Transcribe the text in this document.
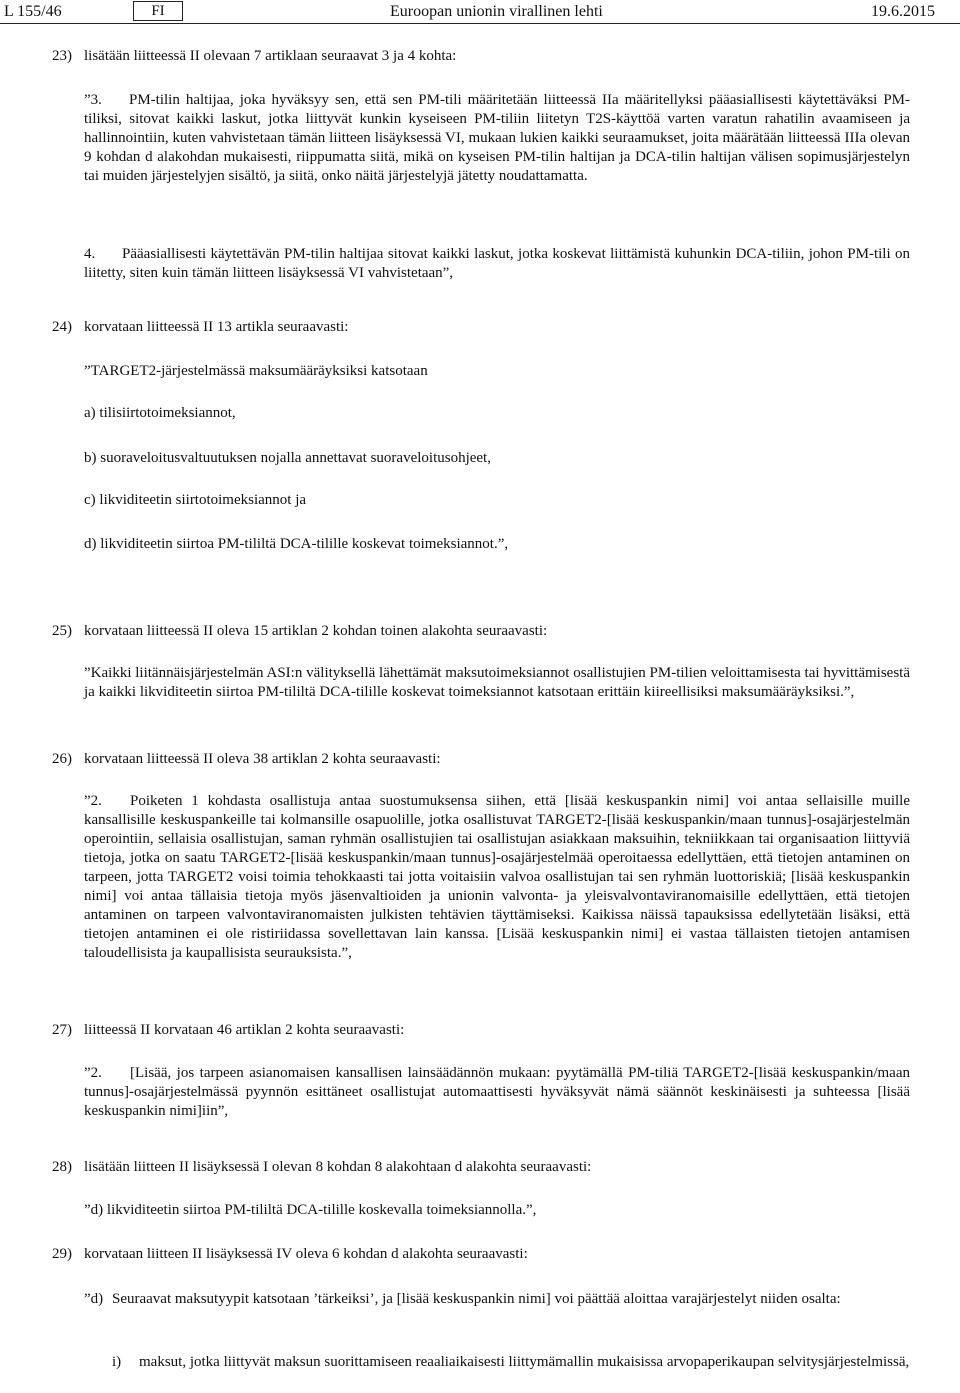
L 155/46	FI	Euroopan unionin virallinen lehti	19.6.2015
23) lisätään liitteessä II olevaan 7 artiklaan seuraavat 3 ja 4 kohta:

”3.	PM-tilin haltijaa, joka hyväksyy sen, että sen PM-tili määritetään liitteessä IIa määritellyksi pääasiallisesti käytettäväksi PM-tiliksi, sitovat kaikki laskut, jotka liittyvät kunkin kyseiseen PM-tiliin liitetyn T2S-käyttöä varten varatun rahatilin avaamiseen ja hallinnointiin, kuten vahvistetaan tämän liitteen lisäyksessä VI, mukaan lukien kaikki seuraamukset, joita määrätään liitteessä IIIa olevan 9 kohdan d alakohdan mukaisesti, riippumatta siitä, mikä on kyseisen PM-tilin haltijan ja DCA-tilin haltijan välisen sopimusjärjestelyn tai muiden järjestelyjen sisältö, ja siitä, onko näitä järjestelyjä jätetty noudattamatta.

4.	Pääasiallisesti käytettävän PM-tilin haltijaa sitovat kaikki laskut, jotka koskevat liittämistä kuhunkin DCA-tiliin, johon PM-tili on liitetty, siten kuin tämän liitteen lisäyksessä VI vahvistetaan”,

24) korvataan liitteessä II 13 artikla seuraavasti:

”TARGET2-järjestelmässä maksumääräyksiksi katsotaan

a) tilisiirtotoimeksiannot,

b) suoraveloitusvaltuutuksen nojalla annettavat suoraveloitusohjeet,

c) likviditeetin siirtotoimeksiannot ja

d) likviditeetin siirtoa PM-tililtä DCA-tilille koskevat toimeksiannot.”,

25) korvataan liitteessä II oleva 15 artiklan 2 kohdan toinen alakohta seuraavasti:

”Kaikki liitännäisjärjestelmän ASI:n välityksellä lähettämät maksutoimeksiannot osallistujien PM-tilien veloittamisesta tai hyvittämisestä ja kaikki likviditeetin siirtoa PM-tililtä DCA-tilille koskevat toimeksiannot katsotaan erittäin kiireellisiksi maksumääräyksiksi.”,

26) korvataan liitteessä II oleva 38 artiklan 2 kohta seuraavasti:

”2.	Poiketen 1 kohdasta osallistuja antaa suostumuksensa siihen, että [lisää keskuspankin nimi] voi antaa sellaisille muille kansallisille keskuspankeille tai kolmansille osapuolille, jotka osallistuvat TARGET2-[lisää keskuspankin/maan tunnus]-osajärjestelmän operointiin, sellaisia osallistujan, saman ryhmän osallistujien tai osallistujan asiakkaan maksuihin, tekniikkaan tai organisaation liittyviä tietoja, jotka on saatu TARGET2-[lisää keskuspankin/maan tunnus]-osajärjestelmää operoitaessa edellyttäen, että tietojen antaminen on tarpeen, jotta TARGET2 voisi toimia tehokkaasti tai jotta voitaisiin valvoa osallistujan tai sen ryhmän luottoriskiä; [lisää keskuspankin nimi] voi antaa tällaisia tietoja myös jäsenvaltioiden ja unionin valvonta- ja yleisvalvontaviranomaisille edellyttäen, että tietojen antaminen on tarpeen valvontaviranomaisten julkisten tehtävien täyttämiseksi. Kaikissa näissä tapauksissa edellytetään lisäksi, että tietojen antaminen ei ole ristiriidassa sovellettavan lain kanssa. [Lisää keskuspankin nimi] ei vastaa tällaisten tietojen antamisen taloudellisista ja kaupallisista seurauksista.”,

27) liitteessä II korvataan 46 artiklan 2 kohta seuraavasti:

”2.	[Lisää, jos tarpeen asianomaisen kansallisen lainsäädännön mukaan: pyytämällä PM-tiliä TARGET2-[lisää keskuspankin/maan tunnus]-osajärjestelmässä pyynnön esittäneet osallistujat automaattisesti hyväksyvät nämä säännöt keskinäisesti ja suhteessa [lisää keskuspankin nimi]iin”,

28) lisätään liitteen II lisäyksessä I olevan 8 kohdan 8 alakohtaan d alakohta seuraavasti:

”d) likviditeetin siirtoa PM-tililtä DCA-tilille koskevalla toimeksiannolla.”,

29) korvataan liitteen II lisäyksessä IV oleva 6 kohdan d alakohta seuraavasti:

”d) Seuraavat maksutyypit katsotaan ’tärkeiksi’, ja [lisää keskuspankin nimi] voi päättää aloittaa varajärjestelyt niiden osalta:

i) maksut, jotka liittyvät maksun suorittamiseen reaaliaikaisesti liittymämallin mukaisissa arvopaperikaupan selvitysjärjestelmissä,
